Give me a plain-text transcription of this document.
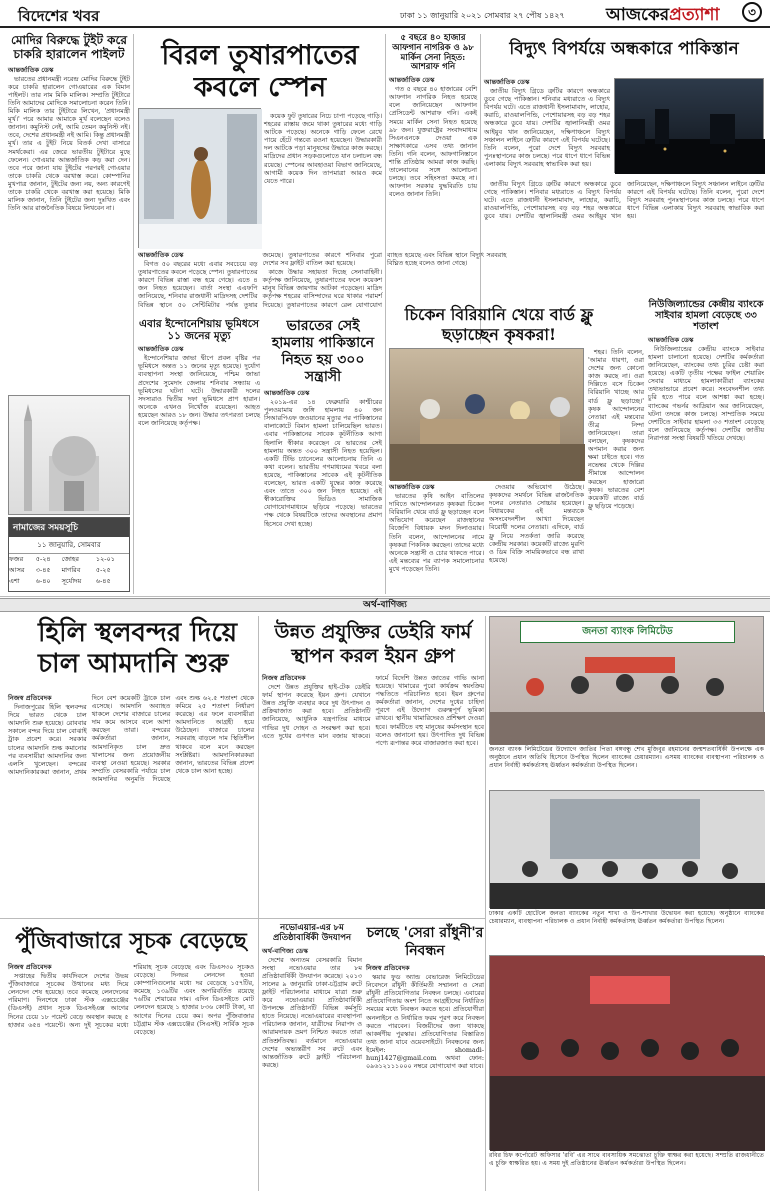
বিদেশের খবর	ঢাকা ১১ জানুয়ারি ২০২১ সোমবার ২৭ পৌষ ১৪২৭ আজকেরপ্রত্যাশা	৩
মোদির বিরুদ্ধে টুইট করে চাকরি হারালেন পাইলট

আন্তর্জাতিক ডেস্ক

ভারতের প্রধানমন্ত্রী নরেন্দ্র মোদির বিরুদ্ধে টুইট করে চাকরি হারালেন গোএয়ারের এক বিমান পাইলট। তার নাম মিকি মালিক। সম্প্রতি টুইটারে তিনি আমাদের মোদিকে সমালোচনা করেন তিনি। মিকি মালিক তার টুইটারে লিখেন, 'প্রধানমন্ত্রী মূর্খ।' পরে আমার আমাকে মূর্খ বলেছেন বলেও জানান। কমুনিস্ট নেই, আমি তেমন কমুনিস্ট নই। তবে, দেশের প্রধানমন্ত্রী নই আমি। কিন্তু প্রধানমন্ত্রী মূর্খ। তার এ টুইট নিয়ে বিতর্ক দেখা বাসারে সমর্থকেরা। এর জেরে ভারতীয় টুইটারে মুছে ফেলেন। গোএয়ার আন্তর্জাতিক কড় করা দেন। তবে পরে জানা যায় টুইটের পরপরই গোএয়ার তাকে চাকরি থেকে বরখাস্ত করে। কোম্পানির মুখপাত্র জানান, টুইটের জন্য নয়, অন্য কারণেই তাকে চাকরি থেকে বরখাস্ত করা হয়েছে। মিকি মালিক জানান, তিনি টুইটের জন্য দুঃখিত এবং তিনি আর রাজনৈতিক বিষয়ে লিখবেন না।

নামাজের সময়সূচি
১১ জানুয়ারি, সোমবার
ফজর	৫-২৪	জোহর	১২-০১
আসর	৩-৪৫	মাগরিব	৫-২৫
এশা	৬-৪০	সূর্যোদয়	৬-৪৫
বিরল তুষারপাতের কবলে স্পেন

কয়েক ফুট তুষারের নিচে চাপা পড়েছে গাড়ি। শহরের রাস্তায় জমে থাকা তুষারের মধ্যে গাড়ি আটকে পড়েছে। অনেকে গাড়ি ফেলে রেখে পায়ে হেঁটে গন্তব্যে রওনা হয়েছেন। উদ্ধারকারী দল আটকে পড়া মানুষদের উদ্ধারে কাজ করছে। মাদ্রিদের প্রধান সড়কগুলোতে যান চলাচল বন্ধ রয়েছে। স্পেনের আবহাওয়া বিভাগ জানিয়েছে, আগামী কয়েক দিন তাপমাত্রা আরও কমে যেতে পারে।

আন্তর্জাতিক ডেস্ক

বিগত ৫০ বছরের মধ্যে এবার সবচেয়ে বড় তুষারপাতের কবলে পড়েছে স্পেন। তুষারপাতের কারণে বিভিন্ন রাস্তা বন্ধ হয়ে গেছে। এতে ৪ জন নিহত হয়েছেন। বার্তা সংস্থা এএফপি জানিয়েছে, শনিবার রাজধানী মাদ্রিদসহ দেশটির বিভিন্ন স্থানে ৫০ সেন্টিমিটার পর্যন্ত তুষার জমেছে। তুষারপাতের কারণে শনিবার পুরো দেশের সব ফ্লাইট বাতিল করা হয়েছে।

কাজে উদ্ধার সহায়তা দিচ্ছে সেনাবাহিনী। কর্তৃপক্ষ জানিয়েছে, তুষারপাতের ফলে কয়েকশ মানুষ বিভিন্ন জায়গায় আটকা পড়েছেন। মাদ্রিদ কর্তৃপক্ষ শহরের বাসিন্দাদের ঘরে থাকার পরামর্শ দিয়েছে। তুষারপাতের কারণে রেল যোগাযোগ ব্যাহত হয়েছে এবং বিভিন্ন স্থানে বিদ্যুৎ সরবরাহ বিঘ্নিত হচ্ছে বলেও জানা গেছে।

এবার ইন্দোনেশিয়ায় ভূমিধসে ১১ জনের মৃত্যু

আন্তর্জাতিক ডেস্ক

ইন্দোনেশিয়ার জাভা দ্বীপে প্রবল বৃষ্টির পর ভূমিধসে অন্তত ১১ জনের মৃত্যু হয়েছে। দুর্যোগ ব্যবস্থাপনা সংস্থা জানিয়েছে, পশ্চিম জাভা প্রদেশের সুমেদাং জেলায় শনিবার সন্ধ্যায় এ ভূমিধসের ঘটনা ঘটে। উদ্ধারকারী দলের সদস্যরাও দ্বিতীয় দফা ভূমিধসে প্রাণ হারান। অনেকে এখনও নিখোঁজ রয়েছেন। আহত হয়েছেন আরও ১৮ জন। উদ্ধার তৎপরতা চলছে বলে জানিয়েছে কর্তৃপক্ষ।

ভারতের সেই হামলায় পাকিস্তানে নিহত হয় ৩০০ সন্ত্রাসী

আন্তর্জাতিক ডেস্ক

২০১৯-এর ১৪ ফেব্রুয়ারি কাশ্মীরের পুলওয়ামায় জঙ্গি হামলায় ৪০ জন সিআরপিএফ জওয়ানের মৃত্যুর পর পাকিস্তানের বালাকোটে বিমান হামলা চালিয়েছিল ভারত। এবার পাকিস্তানের সাবেক কূটনীতিক আগা হিলালি স্বীকার করেছেন যে ভারতের সেই হামলায় অন্তত ৩০০ সন্ত্রাসী নিহত হয়েছিল। একটি টিভি চ্যানেলের আলোচনায় তিনি এ কথা বলেন। ভারতীয় গণমাধ্যমের খবরে বলা হয়েছে, পাকিস্তানের সাবেক এই কূটনীতিক বলেছেন, ভারত একটি যুদ্ধের কাজ করেছে এবং তাতে ৩০০ জন নিহত হয়েছে। এই স্বীকারোক্তির ভিডিও সামাজিক যোগাযোগমাধ্যমে ছড়িয়ে পড়েছে। ভারতের পক্ষ থেকে বিষয়টিকে তাদের অবস্থানের প্রমাণ হিসেবে দেখা হচ্ছে।

৫ বছরে ৪০ হাজার আফগান নাগরিক ও ৯৮ মার্কিন সেনা নিহত: আশরাফ গনি

আন্তর্জাতিক ডেস্ক

গত ৫ বছরে ৪০ হাজারের বেশি আফগান নাগরিক নিহত হয়েছে বলে জানিয়েছেন আফগান প্রেসিডেন্ট আশরাফ গনি। একই সময়ে মার্কিন সেনা নিহত হয়েছে ৯৮ জন। যুক্তরাষ্ট্রের সংবাদমাধ্যম সিএনএনকে দেওয়া এক সাক্ষাৎকারে এসব তথ্য জানান তিনি। গনি বলেন, আফগানিস্তানে শান্তি প্রতিষ্ঠায় আমরা কাজ করছি। তালেবানের সঙ্গে আলোচনা চলছে। তবে সহিংসতা কমছে না। আফগান সরকার যুদ্ধবিরতি চায় বলেও জানান তিনি।

বিদ্যুৎ বিপর্যয়ে অন্ধকারে পাকিস্তান

আন্তর্জাতিক ডেস্ক

জাতীয় বিদ্যুৎ গ্রিডে ত্রুটির কারণে অন্ধকারে ডুবে গেছে পাকিস্তান। শনিবার মধ্যরাতে এ বিদ্যুৎ বিপর্যয় ঘটে। এতে রাজধানী ইসলামাবাদ, লাহোর, করাচি, রাওয়ালপিন্ডি, পেশোয়ারসহ বড় বড় শহর অন্ধকারে ডুবে যায়। দেশটির জ্বালানিমন্ত্রী ওমর আইয়ুব খান জানিয়েছেন, দক্ষিণাঞ্চলে বিদ্যুৎ সঞ্চালন লাইনে ত্রুটির কারণে এই বিপর্যয় ঘটেছে। তিনি বলেন, পুরো দেশে বিদ্যুৎ সরবরাহ পুনঃস্থাপনের কাজ চলছে। পরে ধাপে ধাপে বিভিন্ন এলাকায় বিদ্যুৎ সরবরাহ স্বাভাবিক করা হয়।

জাতীয় বিদ্যুৎ গ্রিডে ত্রুটির কারণে অন্ধকারে ডুবে গেছে পাকিস্তান। শনিবার মধ্যরাতে এ বিদ্যুৎ বিপর্যয় ঘটে। এতে রাজধানী ইসলামাবাদ, লাহোর, করাচি, রাওয়ালপিন্ডি, পেশোয়ারসহ বড় বড় শহর অন্ধকারে ডুবে যায়। দেশটির জ্বালানিমন্ত্রী ওমর আইয়ুব খান জানিয়েছেন, দক্ষিণাঞ্চলে বিদ্যুৎ সঞ্চালন লাইনে ত্রুটির কারণে এই বিপর্যয় ঘটেছে। তিনি বলেন, পুরো দেশে বিদ্যুৎ সরবরাহ পুনঃস্থাপনের কাজ চলছে। পরে ধাপে ধাপে বিভিন্ন এলাকায় বিদ্যুৎ সরবরাহ স্বাভাবিক করা হয়।

চিকেন বিরিয়ানি খেয়ে বার্ড ফ্লু ছড়াচ্ছেন কৃষকরা!

আন্তর্জাতিক ডেস্ক

ভারতের কৃষি আইন বাতিলের দাবিতে আন্দোলনরত কৃষকরা চিকেন বিরিয়ানি খেয়ে বার্ড ফ্লু ছড়াচ্ছেন বলে অভিযোগ করেছেন রাজস্থানের বিজেপি বিধায়ক মদন দিলাওয়ার। তিনি বলেন, আন্দোলনের নামে কৃষকরা পিকনিক করছেন। তাদের মধ্যে অনেকে সন্ত্রাসী ও চোর থাকতে পারে। এই মন্তব্যের পর ব্যাপক সমালোচনার মুখে পড়েছেন তিনি।

দেওয়ার অভিযোগ উঠেছে। কৃষকদের সমর্থনে বিভিন্ন রাজনৈতিক দলের নেতারাও সোচ্চার হয়েছেন। বিধায়কের এই মন্তব্যকে অসংবেদনশীল আখ্যা দিয়েছেন বিরোধী দলের নেতারা। এদিকে, বার্ড ফ্লু নিয়ে সতর্কতা জারি করেছে কেন্দ্রীয় সরকার। কয়েকটি রাজ্যে মুরগি ও ডিম বিক্রি সাময়িকভাবে বন্ধ রাখা হয়েছে।

শহর। তিনি বলেন, 'আমার ধারণা, ওরা দেশের জন্য কোনো কাজ করছে না। ওরা দিল্লিতে বসে চিকেন বিরিয়ানি খাচ্ছে আর বার্ড ফ্লু ছড়াচ্ছে।' কৃষক আন্দোলনের নেতারা এই মন্তব্যের তীব্র নিন্দা জানিয়েছেন। তারা বলছেন, কৃষকদের অপমান করার জন্য ক্ষমা চাইতে হবে। গত নভেম্বর থেকে দিল্লির সীমান্তে আন্দোলন করছেন হাজারো কৃষক। ভারতের বেশ কয়েকটি রাজ্যে বার্ড ফ্লু ছড়িয়ে পড়েছে।

নিউজিল্যান্ডের কেন্দ্রীয় ব্যাংকে সাইবার হামলা বেড়েছে ৩৩ শতাংশ

আন্তর্জাতিক ডেস্ক

নিউজিল্যান্ডের কেন্দ্রীয় ব্যাংকে সাইবার হামলা চালানো হয়েছে। দেশটির কর্মকর্তারা জানিয়েছেন, ব্যাংকের তথ্য চুরির চেষ্টা করা হয়েছে। একটি তৃতীয় পক্ষের ফাইল শেয়ারিং সেবার মাধ্যমে হামলাকারীরা ব্যাংকের তথ্যভান্ডারে প্রবেশ করে। সংবেদনশীল তথ্য চুরি হতে পারে বলে আশঙ্কা করা হচ্ছে। ব্যাংকের গভর্নর আদ্রিয়ান অর জানিয়েছেন, ঘটনা তদন্তে কাজ চলছে। সাম্প্রতিক সময়ে দেশটিতে সাইবার হামলা ৩৩ শতাংশ বেড়েছে বলে জানিয়েছে কর্তৃপক্ষ। দেশটির জাতীয় নিরাপত্তা সংস্থা বিষয়টি খতিয়ে দেখছে।

অর্থ-বাণিজ্য
হিলি স্থলবন্দর দিয়ে চাল আমদানি শুরু

নিজস্ব প্রতিবেদক

দিনাজপুরের হিলি স্থলবন্দর দিয়ে ভারত থেকে চাল আমদানি শুরু হয়েছে। রোববার সকালে বন্দর দিয়ে চাল বোঝাই ট্রাক প্রবেশ করে। সরকার চালের আমদানি শুল্ক কমানোর পর ব্যবসায়ীরা আমদানির জন্য এলসি খুলেছেন। বন্দরের আমদানিকারকরা জানান, প্রথম দিনে বেশ কয়েকটি ট্রাকে চাল এসেছে। আমদানি অব্যাহত থাকলে দেশের বাজারে চালের দাম কমে আসবে বলে আশা করছেন তারা। বন্দরের কর্মকর্তারা জানান, আমদানিকৃত চাল দ্রুত খালাসের জন্য প্রয়োজনীয় ব্যবস্থা নেওয়া হয়েছে। সরকার সম্প্রতি বেসরকারি পর্যায়ে চাল আমদানির অনুমতি দিয়েছে এবং শুল্ক ৬২.৫ শতাংশ থেকে কমিয়ে ২৫ শতাংশ নির্ধারণ করেছে। এর ফলে ব্যবসায়ীরা আমদানিতে আগ্রহী হয়ে উঠেছেন। বাজারে চালের সরবরাহ বাড়লে দাম স্থিতিশীল থাকবে বলে মনে করছেন সংশ্লিষ্টরা। আমদানিকারকরা জানান, ভারতের বিভিন্ন প্রদেশ থেকে চাল আনা হচ্ছে।

উন্নত প্রযুক্তির ডেইরি ফার্ম স্থাপন করল ইয়ন গ্রুপ

নিজস্ব প্রতিবেদক

দেশে উন্নত প্রযুক্তির হাই-টেক ডেইরি ফার্ম স্থাপন করেছে ইয়ন গ্রুপ। যেখানে উন্নত প্রযুক্তি ব্যবহার করে দুধ উৎপাদন ও প্রক্রিয়াজাত করা হবে। প্রতিষ্ঠানটি জানিয়েছে, আধুনিক যন্ত্রপাতির মাধ্যমে গাভির দুধ দোহন ও সংরক্ষণ করা হবে। এতে দুধের গুণগত মান বজায় থাকবে। ফার্মে বিদেশি উন্নত জাতের গাভি আনা হয়েছে। খামারের পুরো কার্যক্রম স্বয়ংক্রিয় পদ্ধতিতে পরিচালিত হবে। ইয়ন গ্রুপের কর্মকর্তারা জানান, দেশের দুধের চাহিদা পূরণে এই উদ্যোগ গুরুত্বপূর্ণ ভূমিকা রাখবে। স্থানীয় খামারিদেরও প্রশিক্ষণ দেওয়া হবে। ফার্মটিতে বহু মানুষের কর্মসংস্থান হবে বলেও জানানো হয়। উৎপাদিত দুধ বিভিন্ন পণ্যে রূপান্তর করে বাজারজাত করা হবে।

পুঁজিবাজারে সূচক বেড়েছে

নিজস্ব প্রতিবেদক

সপ্তাহের দ্বিতীয় কার্যদিবসে দেশের উভয় পুঁজিবাজারে সূচকের উত্থানের মধ্য দিয়ে লেনদেন শেষ হয়েছে। তবে কমেছে লেনদেনের পরিমাণ। দিনশেষে ঢাকা স্টক এক্সচেঞ্জের (ডিএসই) প্রধান সূচক ডিএসইএক্স আগের দিনের চেয়ে ১৮ পয়েন্ট বেড়ে অবস্থান করছে ৫ হাজার ৬৫৪ পয়েন্টে। অন্য দুই সূচকের মধ্যে শরিয়াহ সূচক বেড়েছে এবং ডিএস৩০ সূচকও বেড়েছে। দিনভর লেনদেন হওয়া কোম্পানিগুলোর মধ্যে দর বেড়েছে ১৫৭টির, কমেছে ১৩৯টির এবং অপরিবর্তিত রয়েছে ৭৬টির শেয়ারের দাম। এদিন ডিএসইতে মোট লেনদেন হয়েছে ১ হাজার ৮৩৬ কোটি টাকা, যা আগের দিনের চেয়ে কম। অপর পুঁজিবাজার চট্টগ্রাম স্টক এক্সচেঞ্জের (সিএসই) সার্বিক সূচক বেড়েছে।

নভোএয়ার-এর ৮ম প্রতিষ্ঠাবার্ষিকী উদযাপন

অর্থ-বাণিজ্য ডেস্ক

দেশের অন্যতম বেসরকারি বিমান সংস্থা নভোএয়ার তার ৮ম প্রতিষ্ঠাবার্ষিকী উদযাপন করেছে। ২০১৩ সালের ৯ জানুয়ারি ঢাকা-চট্টগ্রাম রুটে ফ্লাইট পরিচালনার মাধ্যমে যাত্রা শুরু করে নভোএয়ার। প্রতিষ্ঠাবার্ষিকী উপলক্ষে প্রতিষ্ঠানটি বিভিন্ন কর্মসূচি হাতে নিয়েছে। নভোএয়ারের ব্যবস্থাপনা পরিচালক জানান, যাত্রীদের নিরাপদ ও আরামদায়ক ভ্রমণ নিশ্চিত করতে তারা প্রতিশ্রুতিবদ্ধ। বর্তমানে নভোএয়ার দেশের অভ্যন্তরীণ সব রুটে এবং আন্তর্জাতিক রুটে ফ্লাইট পরিচালনা করছে।

চলছে 'সেরা রাঁধুনী'র নিবন্ধন

নিজস্ব প্রতিবেদক

স্কয়ার ফুড অ্যান্ড বেভারেজ লিমিটেডের নিবেদনে রাঁধুনী কীর্তিমতী সম্মাননা ও সেরা রাঁধুনী প্রতিযোগিতার নিবন্ধন চলছে। এবারের প্রতিযোগিতায় অংশ নিতে আগ্রহীদের নির্ধারিত সময়ের মধ্যে নিবন্ধন করতে হবে। প্রতিযোগীরা অনলাইনে ও নির্ধারিত ফরম পূরণ করে নিবন্ধন করতে পারবেন। বিজয়ীদের জন্য থাকছে আকর্ষণীয় পুরস্কার। প্রতিযোগিতার বিস্তারিত তথ্য জানা যাবে ওয়েবসাইটে। নিবন্ধনের জন্য ইমেইল: shomadi-hunj1427@gmail.com অথবা ফোন: ০৯৬১২১১১০০০ নম্বরে যোগাযোগ করা যাবে।

জনতা ব্যাংক লিমিটেড
জনতা ব্যাংক লিমিটেডের উদ্যোগে জাতির পিতা বঙ্গবন্ধু শেখ মুজিবুর রহমানের জন্মশতবার্ষিকী উপলক্ষে এক অনুষ্ঠানে প্রধান অতিথি হিসেবে উপস্থিত ছিলেন ব্যাংকের চেয়ারম্যান। এসময় ব্যাংকের ব্যবস্থাপনা পরিচালক ও প্রধান নির্বাহী কর্মকর্তাসহ ঊর্ধ্বতন কর্মকর্তারা উপস্থিত ছিলেন।
ঢাকার একটি হোটেলে জনতা ব্যাংকের নতুন শাখা ও উপ-শাখার উদ্বোধন করা হয়েছে। অনুষ্ঠানে ব্যাংকের চেয়ারম্যান, ব্যবস্থাপনা পরিচালক ও প্রধান নির্বাহী কর্মকর্তাসহ ঊর্ধ্বতন কর্মকর্তারা উপস্থিত ছিলেন।
রবির চিফ কর্পোরেট অফিসার 'রবি' এর সাথে ব্যবসায়িক সমঝোতা চুক্তি স্বাক্ষর করা হয়েছে। সম্প্রতি রাজধানীতে এ চুক্তি স্বাক্ষরিত হয়। এ সময় দুই প্রতিষ্ঠানের ঊর্ধ্বতন কর্মকর্তারা উপস্থিত ছিলেন।
